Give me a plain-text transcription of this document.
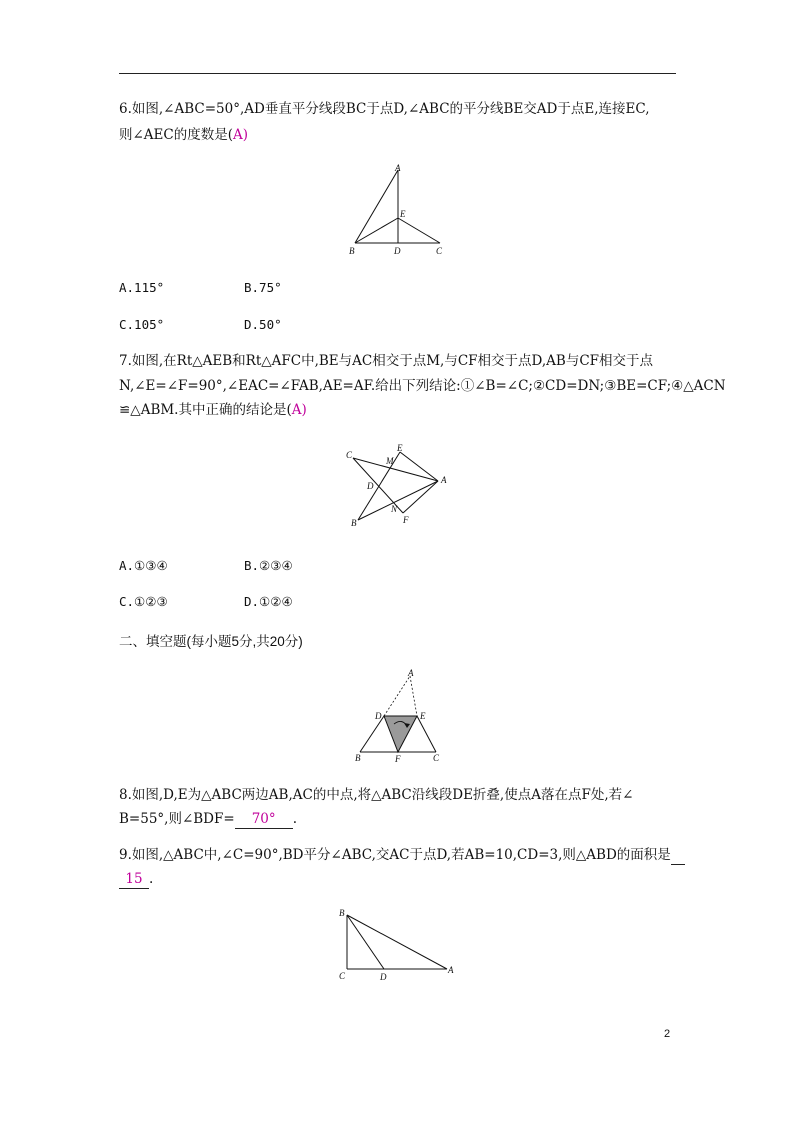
6.如图,∠ABC=50°,AD垂直平分线段BC于点D,∠ABC的平分线BE交AD于点E,连接EC,
则∠AEC的度数是(A)
A
E
B	D	C
A.115°	B.75°
C.105°	D.50°
7.如图,在Rt△AEB和Rt△AFC中,BE与AC相交于点M,与CF相交于点D,AB与CF相交于点
N,∠E=∠F=90°,∠EAC=∠FAB,AE=AF.给出下列结论:①∠B=∠C;②CD=DN;③BE=CF;④△ACN
≌△ABM.其中正确的结论是(A)
C
E
M
A
D
N
B	F
A.①③④	B.②③④
C.①②③	D.①②④
二、填空题(每小题5分,共20分)
A
D	E
B	F	C
8.如图,D,E为△ABC两边AB,AC的中点,将△ABC沿线段DE折叠,使点A落在点F处,若∠
B=55°,则∠BDF= 70° .
9.如图,△ABC中,∠C=90°,BD平分∠ABC,交AC于点D,若AB=10,CD=3,则△ABD的面积是
15 .
B
C	D
A
2
